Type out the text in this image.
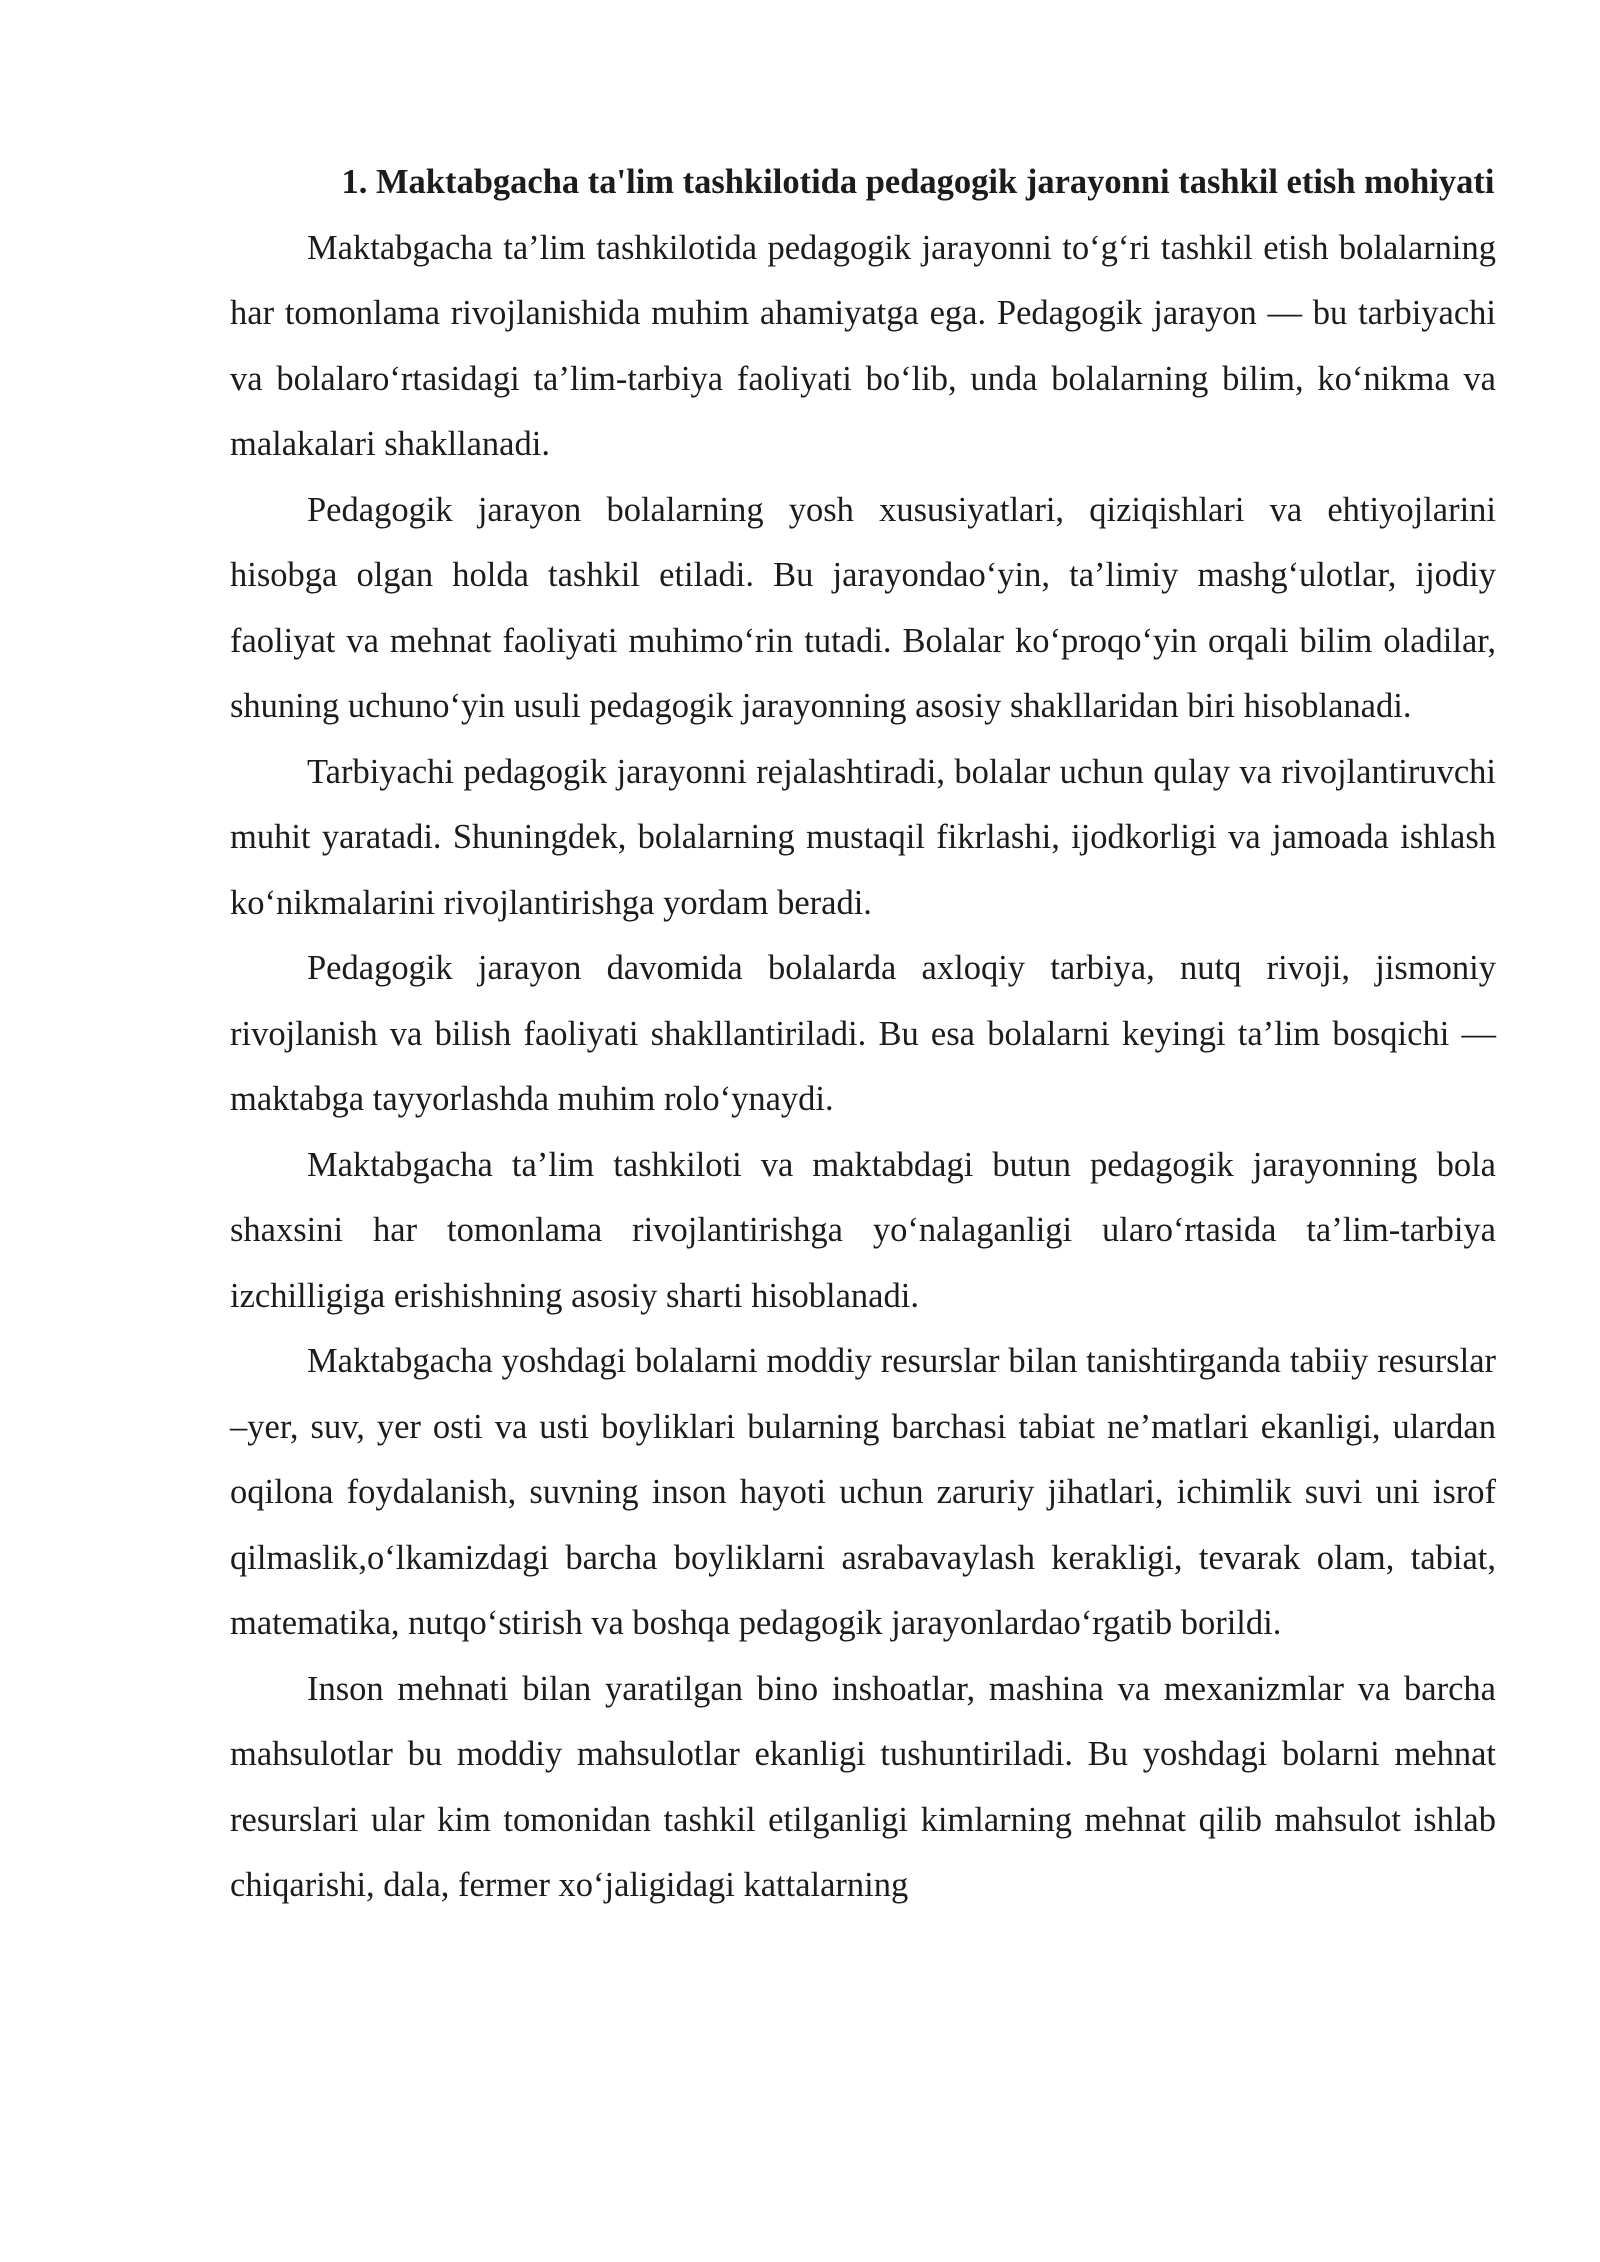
1. Maktabgacha ta'lim tashkilotida pedagogik jarayonni tashkil etish mohiyati

Maktabgacha ta’lim tashkilotida pedagogik jarayonni to‘g‘ri tashkil etish bolalarning har tomonlama rivojlanishida muhim ahamiyatga ega. Pedagogik jarayon — bu tarbiyachi va bolalaro‘rtasidagi ta’lim-tarbiya faoliyati bo‘lib, unda bolalarning bilim, ko‘nikma va malakalari shakllanadi.

Pedagogik jarayon bolalarning yosh xususiyatlari, qiziqishlari va ehtiyojlarini hisobga olgan holda tashkil etiladi. Bu jarayondao‘yin, ta’limiy mashg‘ulotlar, ijodiy faoliyat va mehnat faoliyati muhimo‘rin tutadi. Bolalar ko‘proqo‘yin orqali bilim oladilar, shuning uchuno‘yin usuli pedagogik jarayonning asosiy shakllaridan biri hisoblanadi.

Tarbiyachi pedagogik jarayonni rejalashtiradi, bolalar uchun qulay va rivojlantiruvchi muhit yaratadi. Shuningdek, bolalarning mustaqil fikrlashi, ijodkorligi va jamoada ishlash ko‘nikmalarini rivojlantirishga yordam beradi.

Pedagogik jarayon davomida bolalarda axloqiy tarbiya, nutq rivoji, jismoniy rivojlanish va bilish faoliyati shakllantiriladi. Bu esa bolalarni keyingi ta’lim bosqichi — maktabga tayyorlashda muhim rolo‘ynaydi.

Maktabgacha ta’lim tashkiloti va maktabdagi butun pedagogik jarayonning bola shaxsini har tomonlama rivojlantirishga yo‘nalaganligi ularo‘rtasida ta’lim-tarbiya izchilligiga erishishning asosiy sharti hisoblanadi.

Maktabgacha yoshdagi bolalarni moddiy resurslar bilan tanishtirganda tabiiy resurslar –yer, suv, yer osti va usti boyliklari bularning barchasi tabiat ne’matlari ekanligi, ulardan oqilona foydalanish, suvning inson hayoti uchun zaruriy jihatlari, ichimlik suvi uni isrof qilmaslik,o‘lkamizdagi barcha boyliklarni asrabavaylash kerakligi, tevarak olam, tabiat, matematika, nutqo‘stirish va boshqa pedagogik jarayonlardao‘rgatib borildi.

Inson mehnati bilan yaratilgan bino inshoatlar, mashina va mexanizmlar va barcha mahsulotlar bu moddiy mahsulotlar ekanligi tushuntiriladi. Bu yoshdagi bolarni mehnat resurslari ular kim tomonidan tashkil etilganligi kimlarning mehnat qilib mahsulot ishlab chiqarishi, dala, fermer xo‘jaligidagi kattalarning
